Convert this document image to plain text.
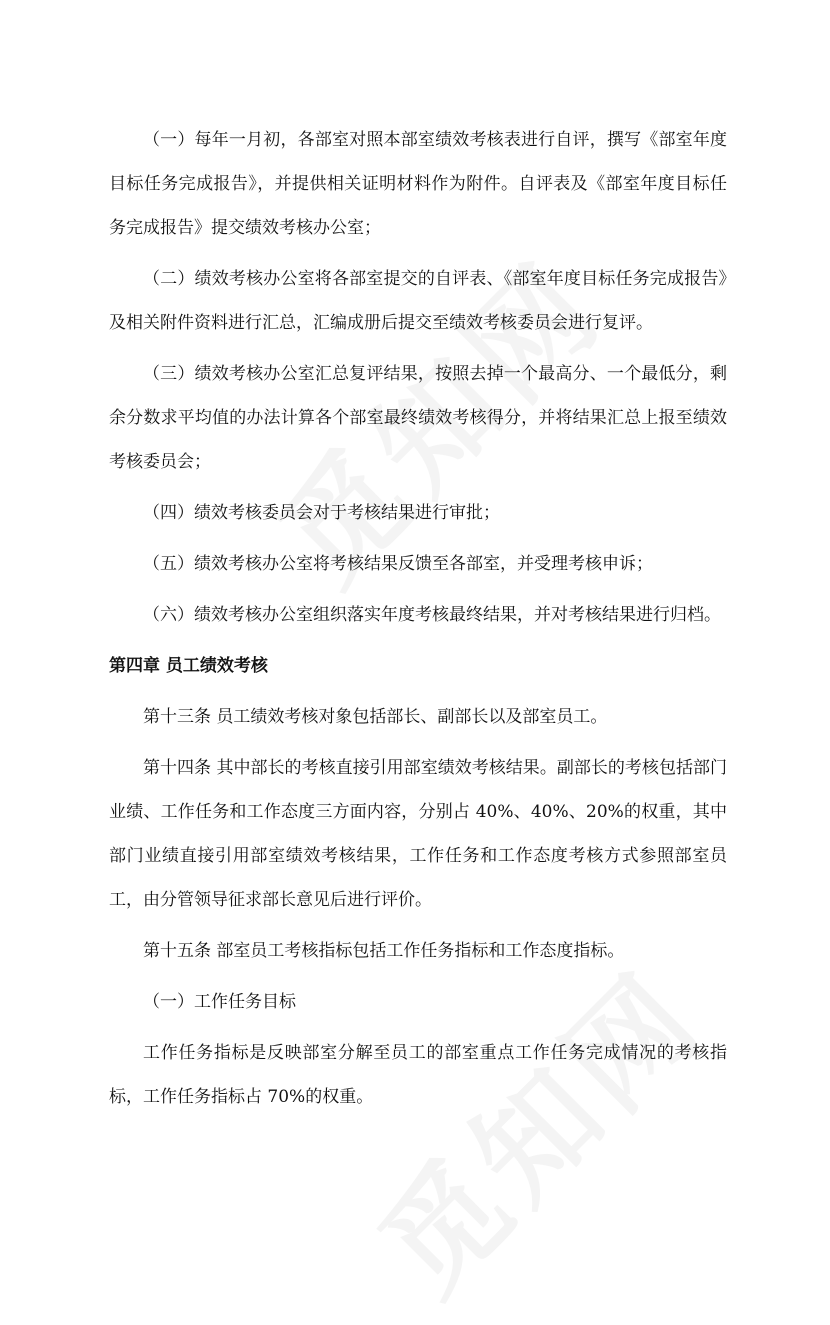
（一）每年一月初，各部室对照本部室绩效考核表进行自评，撰写《部室年度目标任务完成报告》，并提供相关证明材料作为附件。自评表及《部室年度目标任务完成报告》提交绩效考核办公室；

（二）绩效考核办公室将各部室提交的自评表、《部室年度目标任务完成报告》及相关附件资料进行汇总，汇编成册后提交至绩效考核委员会进行复评。

（三）绩效考核办公室汇总复评结果，按照去掉一个最高分、一个最低分，剩余分数求平均值的办法计算各个部室最终绩效考核得分，并将结果汇总上报至绩效考核委员会；

（四）绩效考核委员会对于考核结果进行审批；

（五）绩效考核办公室将考核结果反馈至各部室，并受理考核申诉；

（六）绩效考核办公室组织落实年度考核最终结果，并对考核结果进行归档。

第四章 员工绩效考核

第十三条 员工绩效考核对象包括部长、副部长以及部室员工。

第十四条 其中部长的考核直接引用部室绩效考核结果。副部长的考核包括部门业绩、工作任务和工作态度三方面内容，分别占 40%、40%、20%的权重，其中部门业绩直接引用部室绩效考核结果，工作任务和工作态度考核方式参照部室员工，由分管领导征求部长意见后进行评价。

第十五条 部室员工考核指标包括工作任务指标和工作态度指标。

（一）工作任务目标

工作任务指标是反映部室分解至员工的部室重点工作任务完成情况的考核指标，工作任务指标占 70%的权重。
